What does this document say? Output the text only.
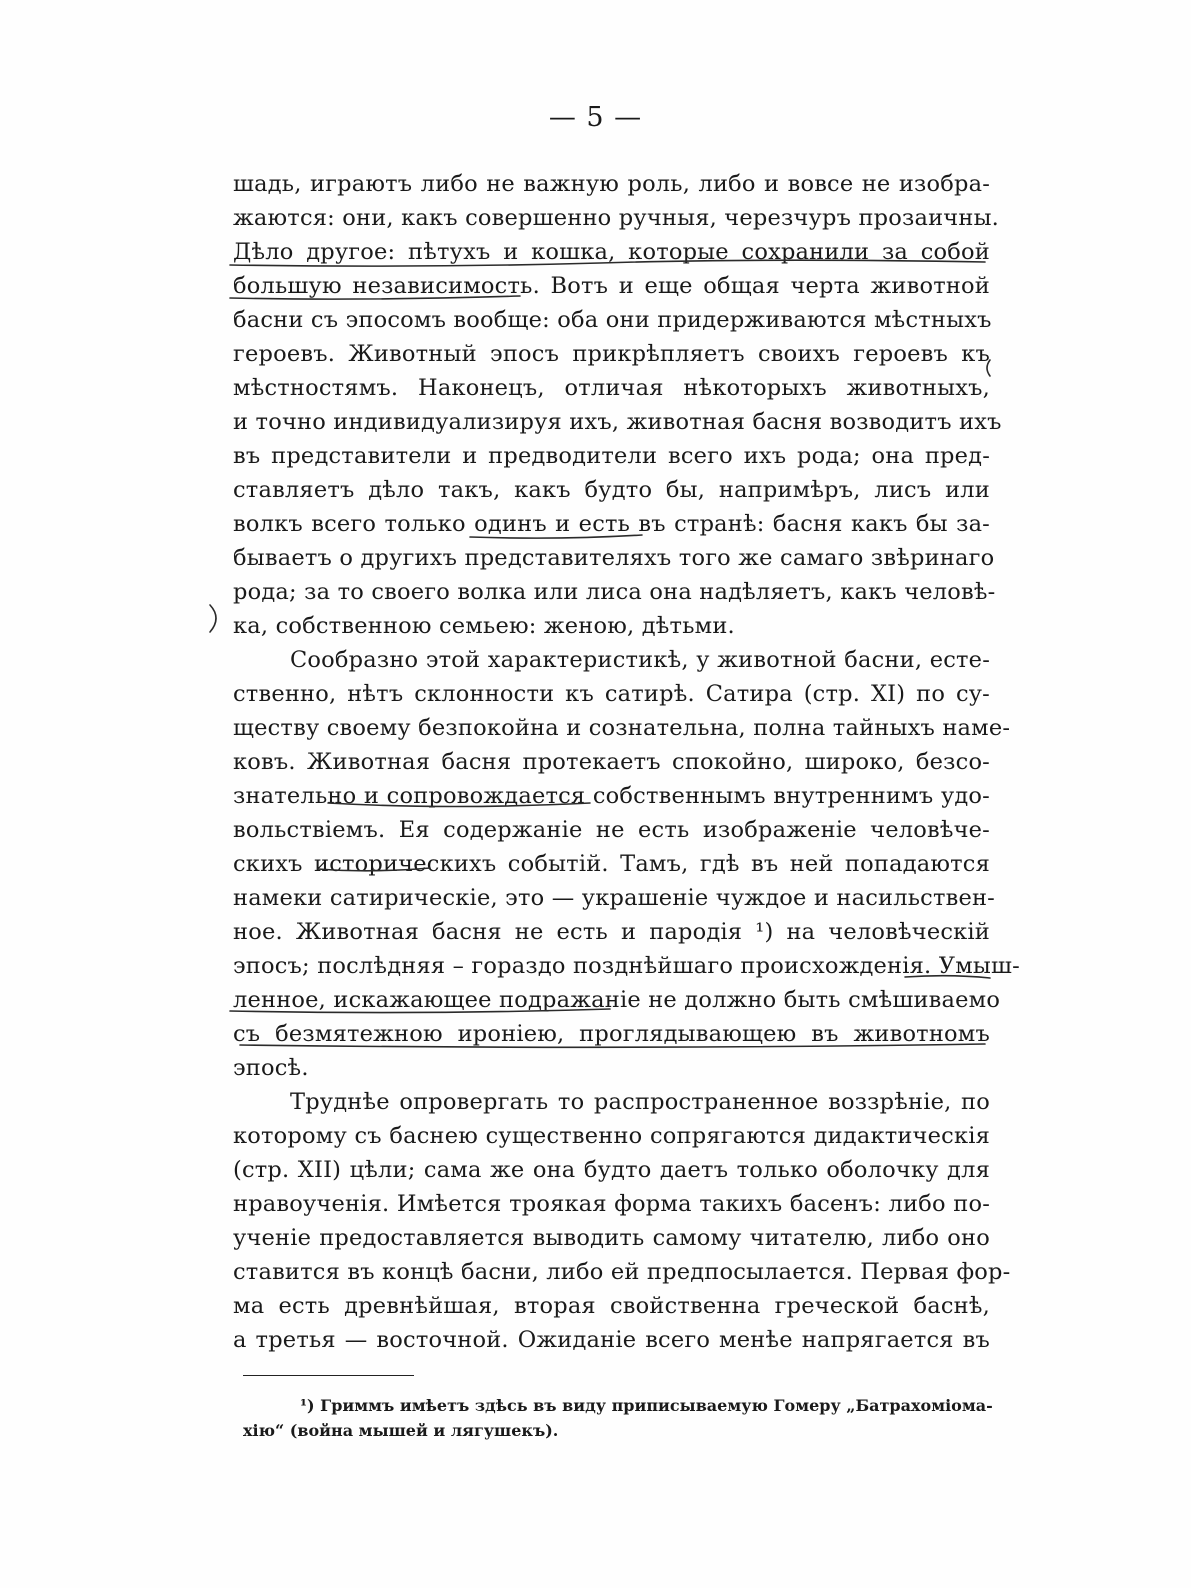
— 5 —
шадь, играютъ либо не важную роль, либо и вовсе не изобра-
жаются: они, какъ совершенно ручныя, черезчуръ прозаичны.
Дѣло другое: пѣтухъ и кошка, которые сохранили за собой
большую независимость. Вотъ и еще общая черта животной
басни съ эпосомъ вообще: оба они придерживаются мѣстныхъ
героевъ. Животный эпосъ прикрѣпляетъ своихъ героевъ къ
мѣстностямъ. Наконецъ, отличая нѣкоторыхъ животныхъ,
и точно индивидуализируя ихъ, животная басня возводитъ ихъ
въ представители и предводители всего ихъ рода; она пред-
ставляетъ дѣло такъ, какъ будто бы, напримѣръ, лисъ или
волкъ всего только одинъ и есть въ странѣ: басня какъ бы за-
бываетъ о другихъ представителяхъ того же самаго звѣринаго
рода; за то своего волка или лиса она надѣляетъ, какъ человѣ-
ка, собственною семьею: женою, дѣтьми.
Сообразно этой характеристикѣ, у животной басни, есте-
ственно, нѣтъ склонности къ сатирѣ. Сатира (стр. XI) по су-
ществу своему безпокойна и сознательна, полна тайныхъ наме-
ковъ. Животная басня протекаетъ спокойно, широко, безсо-
знательно и сопровождается собственнымъ внутреннимъ удо-
вольствiемъ. Ея содержанiе не есть изображенiе человѣче-
скихъ историческихъ событiй. Тамъ, гдѣ въ ней попадаются
намеки сатирическiе, это — украшенiе чуждое и насильствен-
ное. Животная басня не есть и пародiя ¹) на человѣческiй
эпосъ; послѣдняя – гораздо позднѣйшаго происхожденiя. Умыш-
ленное, искажающее подражанiе не должно быть смѣшиваемо
съ безмятежною иронiею, проглядывающею въ животномъ
эпосѣ.
Труднѣе опровергать то распространенное воззрѣнiе, по
которому съ баснею существенно сопрягаются дидактическiя
(стр. XII) цѣли; сама же она будто даетъ только оболочку для
нравоученiя. Имѣется троякая форма такихъ басенъ: либо по-
ученiе предоставляется выводить самому читателю, либо оно
ставится въ концѣ басни, либо ей предпосылается. Первая фор-
ма есть древнѣйшая, вторая свойственна греческой баснѣ,
а третья — восточной. Ожиданiе всего менѣе напрягается въ
¹) Гриммъ имѣетъ здѣсь въ виду приписываемую Гомеру „Батрахомiома-
хiю“ (война мышей и лягушекъ).
